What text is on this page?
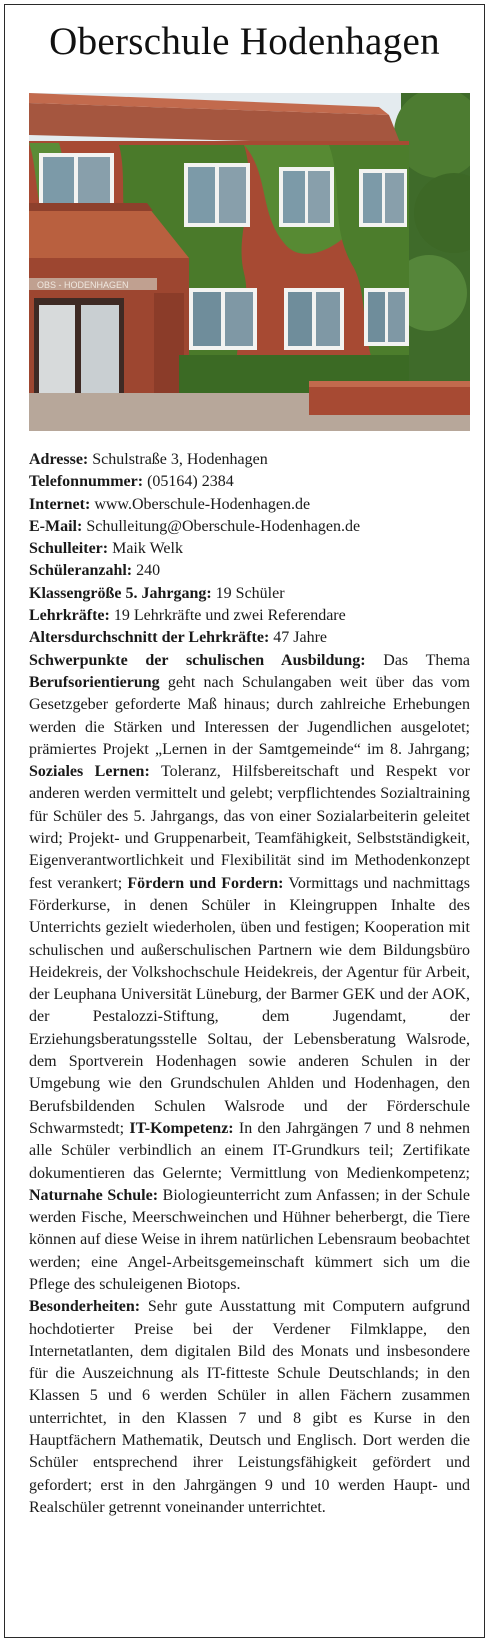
Oberschule Hodenhagen
OBS - HODENHAGEN

Adresse: Schulstraße 3, Hodenhagen

Telefonnummer: (05164) 2384

Internet: www.Oberschule-Hodenhagen.de

E-Mail: Schulleitung@Oberschule-Hodenhagen.de

Schulleiter: Maik Welk

Schüleranzahl: 240

Klassengröße 5. Jahrgang: 19 Schüler

Lehrkräfte: 19 Lehrkräfte und zwei Referendare

Altersdurchschnitt der Lehrkräfte: 47 Jahre

Schwerpunkte der schulischen Ausbildung: Das Thema Berufsorientierung geht nach Schulangaben weit über das vom Gesetzgeber geforderte Maß hinaus; durch zahlreiche Erhebungen werden die Stärken und Interessen der Jugendlichen ausgelotet; prämiertes Projekt „Lernen in der Samtgemeinde“ im 8. Jahrgang; Soziales Lernen: Toleranz, Hilfsbereitschaft und Respekt vor anderen werden vermittelt und gelebt; verpflichtendes Sozialtraining für Schüler des 5. Jahrgangs, das von einer Sozialarbeiterin geleitet wird; Projekt- und Gruppenarbeit, Teamfähigkeit, Selbstständigkeit, Eigenverantwortlichkeit und Flexibilität sind im Methodenkonzept fest verankert; Fördern und Fordern: Vormittags und nachmittags Förderkurse, in denen Schüler in Kleingruppen Inhalte des Unterrichts gezielt wiederholen, üben und festigen; Kooperation mit schulischen und außerschulischen Partnern wie dem Bildungsbüro Heidekreis, der Volkshochschule Heidekreis, der Agentur für Arbeit, der Leuphana Universität Lüneburg, der Barmer GEK und der AOK, der Pestalozzi-Stiftung, dem Jugendamt, der Erziehungsberatungsstelle Soltau, der Lebensberatung Walsrode, dem Sportverein Hodenhagen sowie anderen Schulen in der Umgebung wie den Grundschulen Ahlden und Hodenhagen, den Berufsbildenden Schulen Walsrode und der Förderschule Schwarmstedt; IT-Kompetenz: In den Jahrgängen 7 und 8 nehmen alle Schüler verbindlich an einem IT-Grundkurs teil; Zertifikate dokumentieren das Gelernte; Vermittlung von Medienkompetenz; Naturnahe Schule: Biologieunterricht zum Anfassen; in der Schule werden Fische, Meerschweinchen und Hühner beherbergt, die Tiere können auf diese Weise in ihrem natürlichen Lebensraum beobachtet werden; eine Angel-Arbeitsgemeinschaft kümmert sich um die Pflege des schuleigenen Biotops.

Besonderheiten: Sehr gute Ausstattung mit Computern aufgrund hochdotierter Preise bei der Verdener Filmklappe, den Internetatlanten, dem digitalen Bild des Monats und insbesondere für die Auszeichnung als IT-fitteste Schule Deutschlands; in den Klassen 5 und 6 werden Schüler in allen Fächern zusammen unterrichtet, in den Klassen 7 und 8 gibt es Kurse in den Hauptfächern Mathematik, Deutsch und Englisch. Dort werden die Schüler entsprechend ihrer Leistungsfähigkeit gefördert und gefordert; erst in den Jahrgängen 9 und 10 werden Haupt- und Realschüler getrennt voneinander unterrichtet.
